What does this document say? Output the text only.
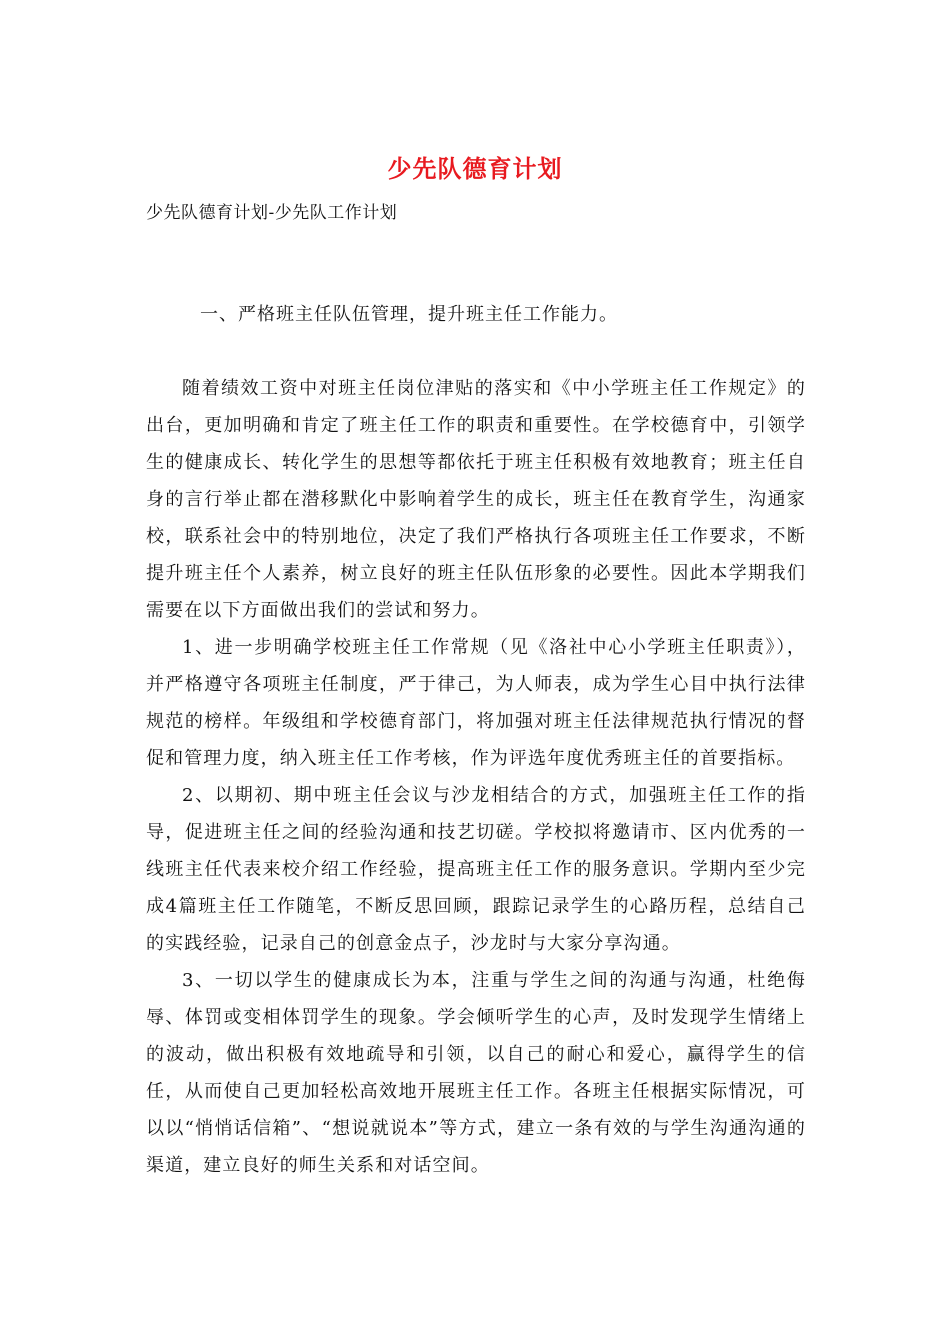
少先队德育计划
少先队德育计划-少先队工作计划
一、严格班主任队伍管理，提升班主任工作能力。

随着绩效工资中对班主任岗位津贴的落实和《中小学班主任工作规定》的出台，更加明确和肯定了班主任工作的职责和重要性。在学校德育中，引领学生的健康成长、转化学生的思想等都依托于班主任积极有效地教育；班主任自身的言行举止都在潜移默化中影响着学生的成长，班主任在教育学生，沟通家校，联系社会中的特别地位，决定了我们严格执行各项班主任工作要求，不断提升班主任个人素养，树立良好的班主任队伍形象的必要性。因此本学期我们需要在以下方面做出我们的尝试和努力。

1、进一步明确学校班主任工作常规（见《洛社中心小学班主任职责》），并严格遵守各项班主任制度，严于律己，为人师表，成为学生心目中执行法律规范的榜样。年级组和学校德育部门，将加强对班主任法律规范执行情况的督促和管理力度，纳入班主任工作考核，作为评选年度优秀班主任的首要指标。

2、以期初、期中班主任会议与沙龙相结合的方式，加强班主任工作的指导，促进班主任之间的经验沟通和技艺切磋。学校拟将邀请市、区内优秀的一线班主任代表来校介绍工作经验，提高班主任工作的服务意识。学期内至少完成4篇班主任工作随笔，不断反思回顾，跟踪记录学生的心路历程，总结自己的实践经验，记录自己的创意金点子，沙龙时与大家分享沟通。

3、一切以学生的健康成长为本，注重与学生之间的沟通与沟通，杜绝侮辱、体罚或变相体罚学生的现象。学会倾听学生的心声，及时发现学生情绪上的波动，做出积极有效地疏导和引领，以自己的耐心和爱心，赢得学生的信任，从而使自己更加轻松高效地开展班主任工作。各班主任根据实际情况，可以以“悄悄话信箱”、“想说就说本”等方式，建立一条有效的与学生沟通沟通的渠道，建立良好的师生关系和对话空间。
